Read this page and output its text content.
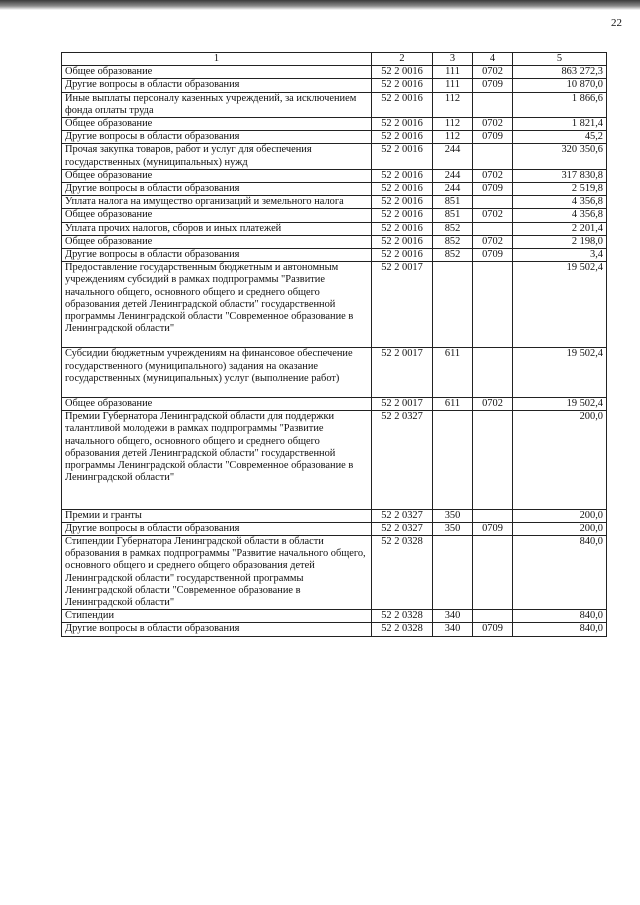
22
1	2	3	4	5
Общее образование	52 2 0016	111	0702	863 272,3
Другие вопросы в области образования	52 2 0016	111	0709	10 870,0
Иные выплаты персоналу казенных учреждений, за исключением фонда оплаты труда	52 2 0016	112		1 866,6
Общее образование	52 2 0016	112	0702	1 821,4
Другие вопросы в области образования	52 2 0016	112	0709	45,2
Прочая закупка товаров, работ и услуг для обеспечения государственных (муниципальных) нужд	52 2 0016	244		320 350,6
Общее образование	52 2 0016	244	0702	317 830,8
Другие вопросы в области образования	52 2 0016	244	0709	2 519,8
Уплата налога на имущество организаций и земельного налога	52 2 0016	851		4 356,8
Общее образование	52 2 0016	851	0702	4 356,8
Уплата прочих налогов, сборов и иных платежей	52 2 0016	852		2 201,4
Общее образование	52 2 0016	852	0702	2 198,0
Другие вопросы в области образования	52 2 0016	852	0709	3,4
Предоставление государственным бюджетным и автономным учреждениям субсидий в рамках подпрограммы "Развитие начального общего, основного общего и среднего общего образования детей Ленинградской области" государственной программы Ленинградской области "Современное образование в Ленинградской области"	52 2 0017			19 502,4
Субсидии бюджетным учреждениям на финансовое обеспечение государственного (муниципального) задания на оказание государственных (муниципальных) услуг (выполнение работ)	52 2 0017	611		19 502,4
Общее образование	52 2 0017	611	0702	19 502,4
Премии Губернатора Ленинградской области для поддержки талантливой молодежи в рамках подпрограммы "Развитие начального общего, основного общего и среднего общего образования детей Ленинградской области" государственной программы Ленинградской области "Современное образование в Ленинградской области"	52 2 0327			200,0
Премии и гранты	52 2 0327	350		200,0
Другие вопросы в области образования	52 2 0327	350	0709	200,0
Стипендии Губернатора Ленинградской области в области образования в рамках подпрограммы "Развитие начального общего, основного общего и среднего общего образования детей Ленинградской области" государственной программы Ленинградской области "Современное образование в Ленинградской области"	52 2 0328			840,0
Стипендии	52 2 0328	340		840,0
Другие вопросы в области образования	52 2 0328	340	0709	840,0
